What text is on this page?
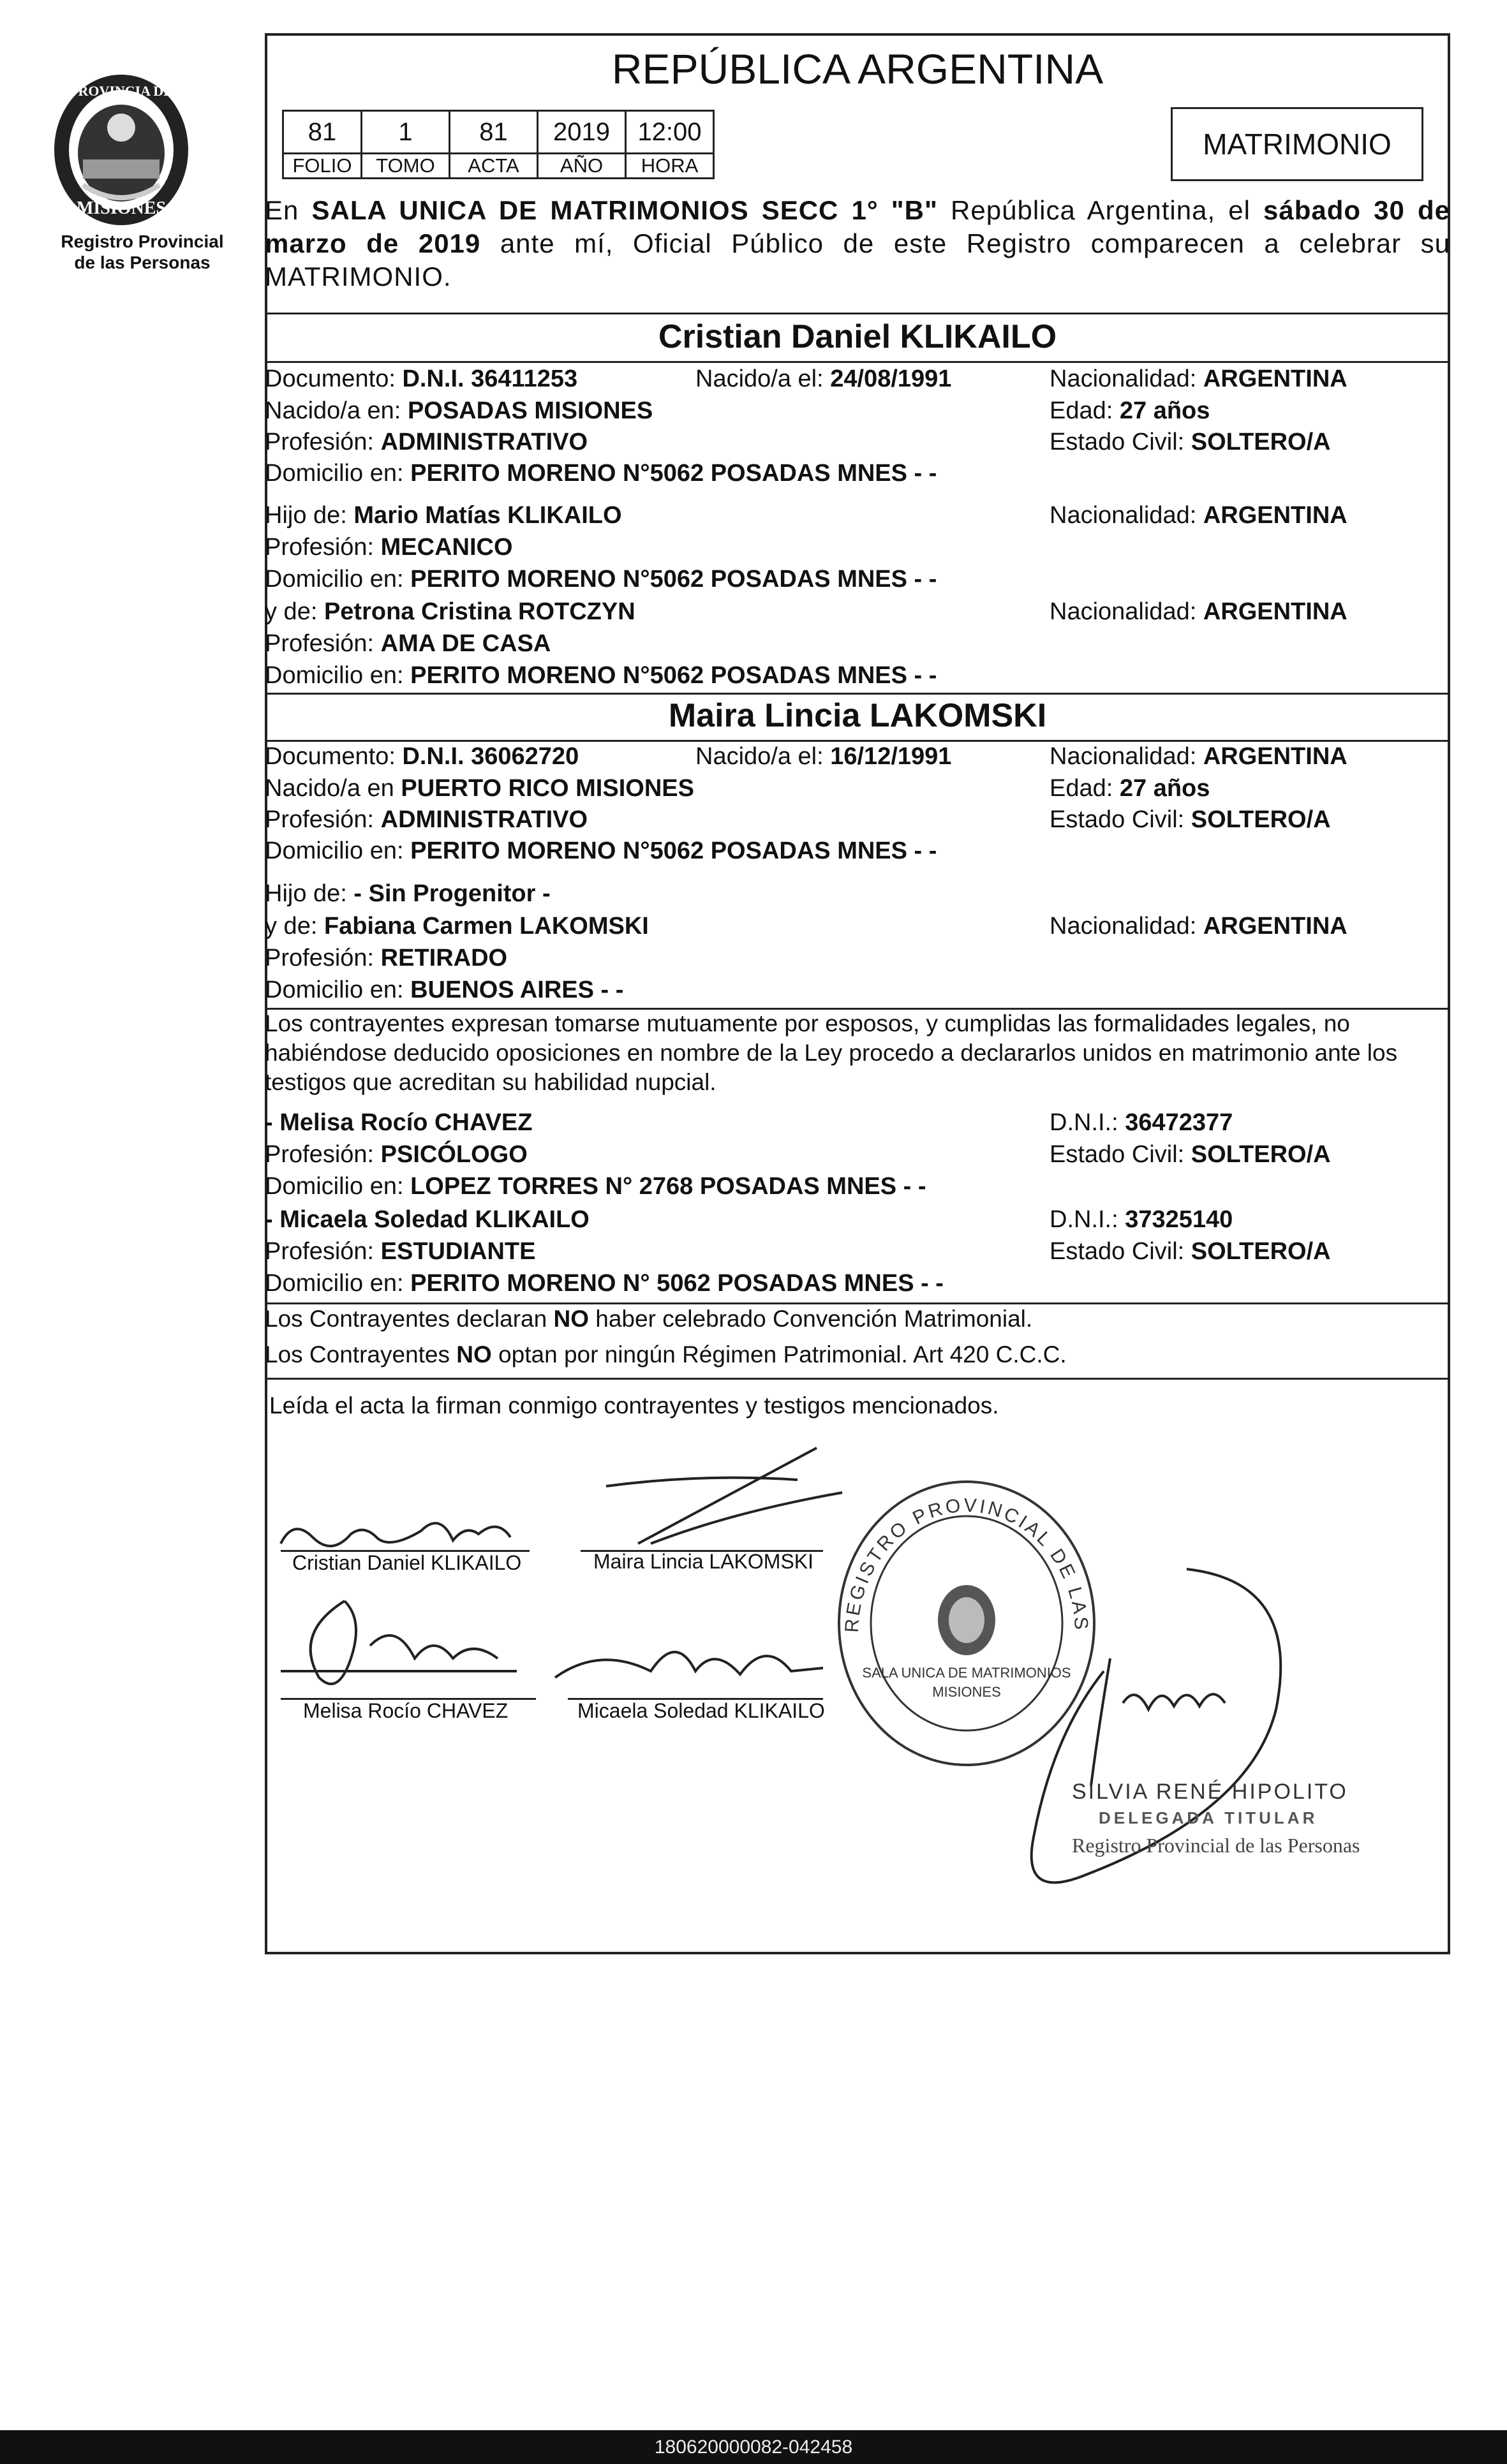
PROVINCIA DE
MISIONES
Registro Provincial
de las Personas
REPÚBLICA ARGENTINA
81	1	81	2019	12:00
FOLIO	TOMO	ACTA	AÑO	HORA
MATRIMONIO
En SALA UNICA DE MATRIMONIOS SECC 1° "B" República Argentina, el sábado 30 de marzo de 2019 ante mí, Oficial Público de este Registro comparecen a celebrar su MATRIMONIO.
Cristian Daniel KLIKAILO
Documento: D.N.I. 36411253	Nacido/a el: 24/08/1991	Nacionalidad: ARGENTINA
Nacido/a en: POSADAS MISIONES	Edad: 27 años
Profesión: ADMINISTRATIVO	Estado Civil: SOLTERO/A
Domicilio en: PERITO MORENO N°5062 POSADAS MNES - -
Hijo de: Mario Matías KLIKAILO	Nacionalidad: ARGENTINA
Profesión: MECANICO
Domicilio en: PERITO MORENO N°5062 POSADAS MNES - -
y de: Petrona Cristina ROTCZYN	Nacionalidad: ARGENTINA
Profesión: AMA DE CASA
Domicilio en: PERITO MORENO N°5062 POSADAS MNES - -
Maira Lincia LAKOMSKI
Documento: D.N.I. 36062720	Nacido/a el: 16/12/1991	Nacionalidad: ARGENTINA
Nacido/a en PUERTO RICO MISIONES	Edad: 27 años
Profesión: ADMINISTRATIVO	Estado Civil: SOLTERO/A
Domicilio en: PERITO MORENO N°5062 POSADAS MNES - -
Hijo de: - Sin Progenitor -
y de: Fabiana Carmen LAKOMSKI	Nacionalidad: ARGENTINA
Profesión: RETIRADO
Domicilio en: BUENOS AIRES - -
Los contrayentes expresan tomarse mutuamente por esposos, y cumplidas las formalidades legales, no habiéndose deducido oposiciones en nombre de la Ley procedo a declararlos unidos en matrimonio ante los testigos que acreditan su habilidad nupcial.
- Melisa Rocío CHAVEZ	D.N.I.: 36472377
Profesión: PSICÓLOGO	Estado Civil: SOLTERO/A
Domicilio en: LOPEZ TORRES N° 2768 POSADAS MNES - -
- Micaela Soledad KLIKAILO	D.N.I.: 37325140
Profesión: ESTUDIANTE	Estado Civil: SOLTERO/A
Domicilio en: PERITO MORENO N° 5062 POSADAS MNES - -
Los Contrayentes declaran NO haber celebrado Convención Matrimonial.
Los Contrayentes NO optan por ningún Régimen Patrimonial. Art 420 C.C.C.
Leída el acta la firman conmigo contrayentes y testigos mencionados.
Cristian Daniel KLIKAILO	Maira Lincia LAKOMSKI
Melisa Rocío CHAVEZ	Micaela Soledad KLIKAILO
REGISTRO PROVINCIAL DE LAS
SALA UNICA DE MATRIMONIOS
MISIONES
SILVIA RENÉ HIPOLITO
DELEGADA TITULAR
Registro Provincial de las Personas
180620000082-042458
